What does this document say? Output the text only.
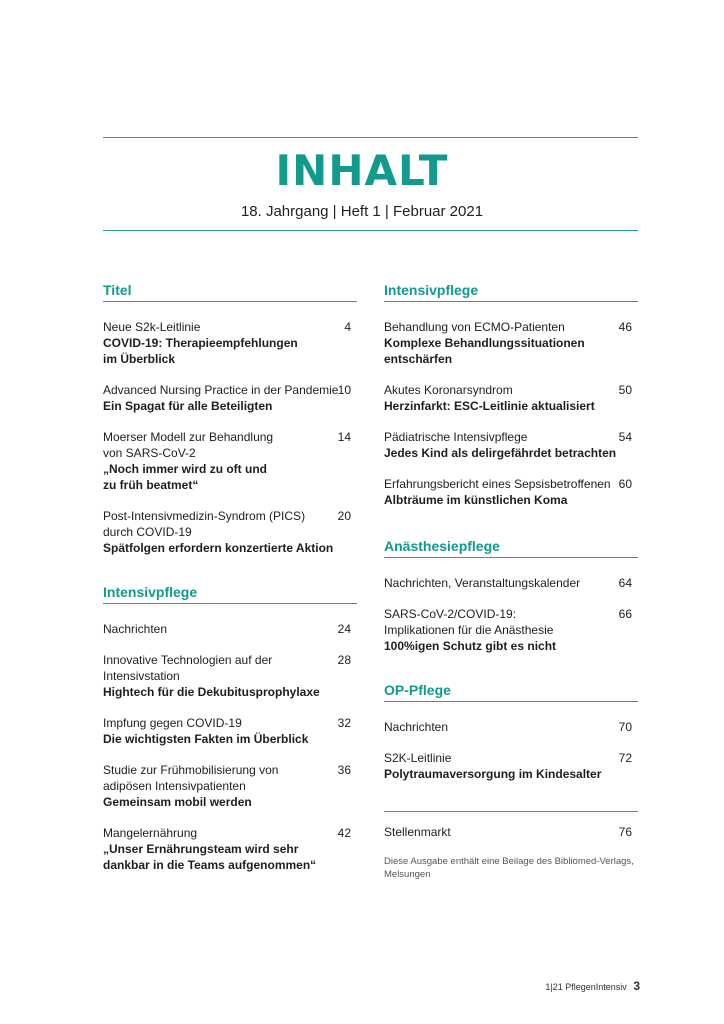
INHALT
18. Jahrgang | Heft 1 | Februar 2021
Titel
Neue S2k-Leitlinie
COVID-19: Therapieempfehlungen
im Überblick
4
Advanced Nursing Practice in der Pandemie
Ein Spagat für alle Beteiligten
10
Moerser Modell zur Behandlung
von SARS-CoV-2
„Noch immer wird zu oft und
zu früh beatmet“
14
Post-Intensivmedizin-Syndrom (PICS)
durch COVID-19
Spätfolgen erfordern konzertierte Aktion
20
Intensivpflege
Nachrichten	24
Innovative Technologien auf der
Intensivstation
Hightech für die Dekubitusprophylaxe
28
Impfung gegen COVID-19
Die wichtigsten Fakten im Überblick
32
Studie zur Frühmobilisierung von
adipösen Intensivpatienten
Gemeinsam mobil werden
36
Mangelernährung
„Unser Ernährungsteam wird sehr
dankbar in die Teams aufgenommen“
42
Intensivpflege
Behandlung von ECMO-Patienten
Komplexe Behandlungssituationen
entschärfen
46
Akutes Koronarsyndrom
Herzinfarkt: ESC-Leitlinie aktualisiert
50
Pädiatrische Intensivpflege
Jedes Kind als delirgefährdet betrachten
54
Erfahrungsbericht eines Sepsisbetroffenen
Albträume im künstlichen Koma
60
Anästhesiepflege
Nachrichten, Veranstaltungskalender	64
SARS-CoV-2/COVID-19:
Implikationen für die Anästhesie
100%igen Schutz gibt es nicht
66
OP-Pflege
Nachrichten	70
S2K-Leitlinie
Polytraumaversorgung im Kindesalter
72
Stellenmarkt	76
Diese Ausgabe enthält eine Beilage des Bibliomed-Verlags,
Melsungen
1|21 PflegenIntensiv 3
